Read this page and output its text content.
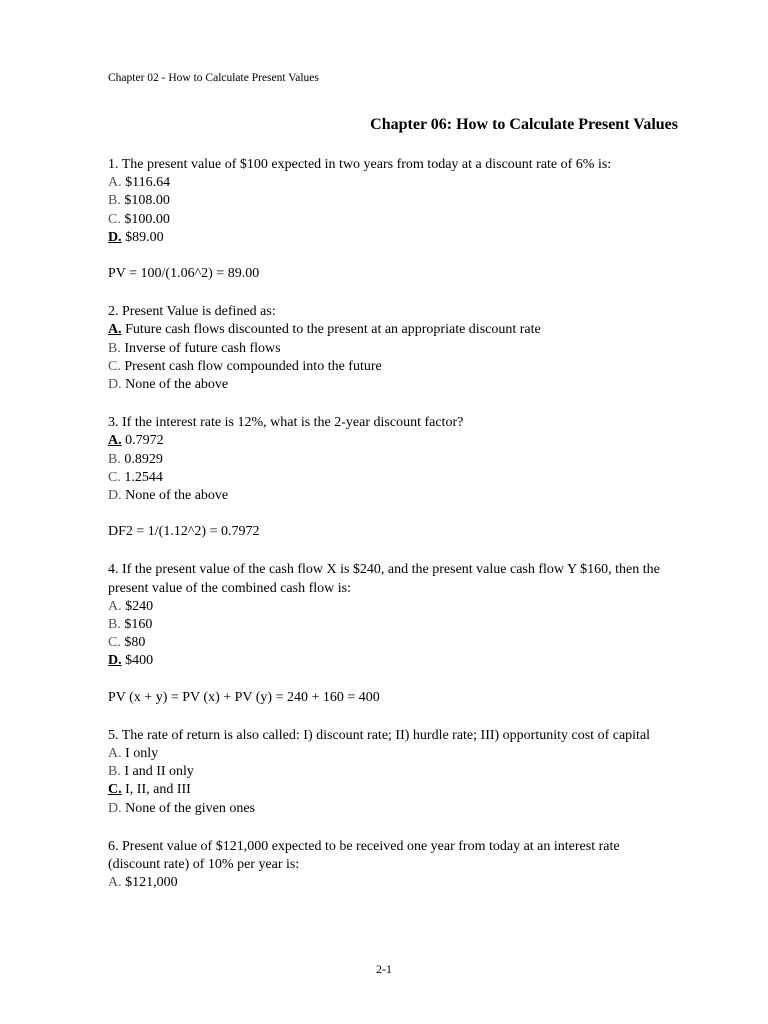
Chapter 02 - How to Calculate Present Values
Chapter 06: How to Calculate Present Values
1. The present value of $100 expected in two years from today at a discount rate of 6% is:
A. $116.64
B. $108.00
C. $100.00
D. $89.00
PV = 100/(1.06^2) = 89.00
2. Present Value is defined as:
A. Future cash flows discounted to the present at an appropriate discount rate
B. Inverse of future cash flows
C. Present cash flow compounded into the future
D. None of the above
3. If the interest rate is 12%, what is the 2-year discount factor?
A. 0.7972
B. 0.8929
C. 1.2544
D. None of the above
DF2 = 1/(1.12^2) = 0.7972
4. If the present value of the cash flow X is $240, and the present value cash flow Y $160, then the present value of the combined cash flow is:
A. $240
B. $160
C. $80
D. $400
PV (x + y) = PV (x) + PV (y) = 240 + 160 = 400
5. The rate of return is also called: I) discount rate; II) hurdle rate; III) opportunity cost of capital
A. I only
B. I and II only
C. I, II, and III
D. None of the given ones
6. Present value of $121,000 expected to be received one year from today at an interest rate (discount rate) of 10% per year is:
A. $121,000
2-1
